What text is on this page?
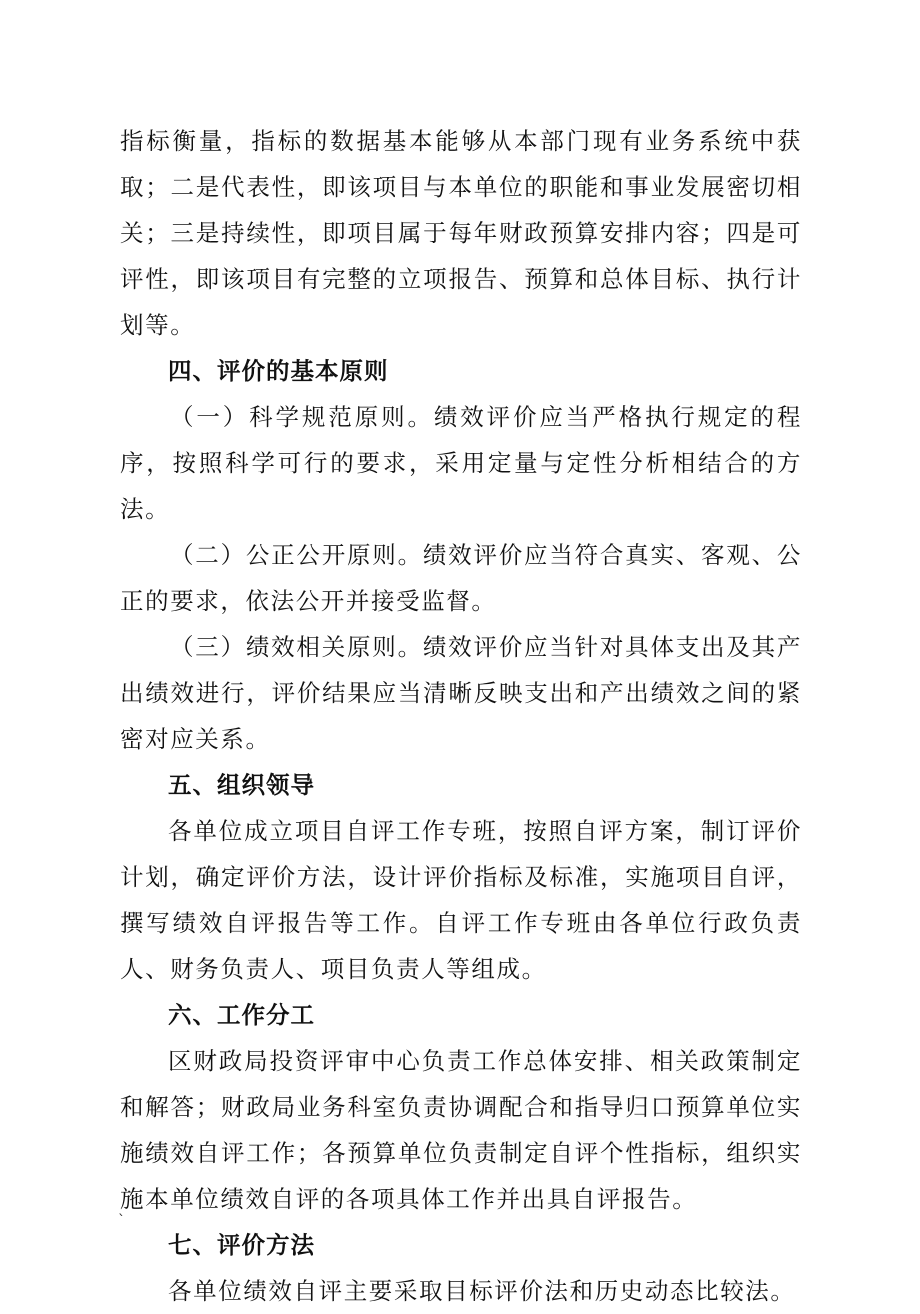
指标衡量，指标的数据基本能够从本部门现有业务系统中获取；二是代表性，即该项目与本单位的职能和事业发展密切相关；三是持续性，即项目属于每年财政预算安排内容；四是可评性，即该项目有完整的立项报告、预算和总体目标、执行计划等。

四、评价的基本原则

（一）科学规范原则。绩效评价应当严格执行规定的程序，按照科学可行的要求，采用定量与定性分析相结合的方法。

（二）公正公开原则。绩效评价应当符合真实、客观、公正的要求，依法公开并接受监督。

（三）绩效相关原则。绩效评价应当针对具体支出及其产出绩效进行，评价结果应当清晰反映支出和产出绩效之间的紧密对应关系。

五、组织领导

各单位成立项目自评工作专班，按照自评方案，制订评价计划，确定评价方法，设计评价指标及标准，实施项目自评，撰写绩效自评报告等工作。自评工作专班由各单位行政负责人、财务负责人、项目负责人等组成。

六、工作分工

区财政局投资评审中心负责工作总体安排、相关政策制定和解答；财政局业务科室负责协调配合和指导归口预算单位实施绩效自评工作；各预算单位负责制定自评个性指标，组织实施本单位绩效自评的各项具体工作并出具自评报告。

七、评价方法

各单位绩效自评主要采取目标评价法和历史动态比较法。

`
